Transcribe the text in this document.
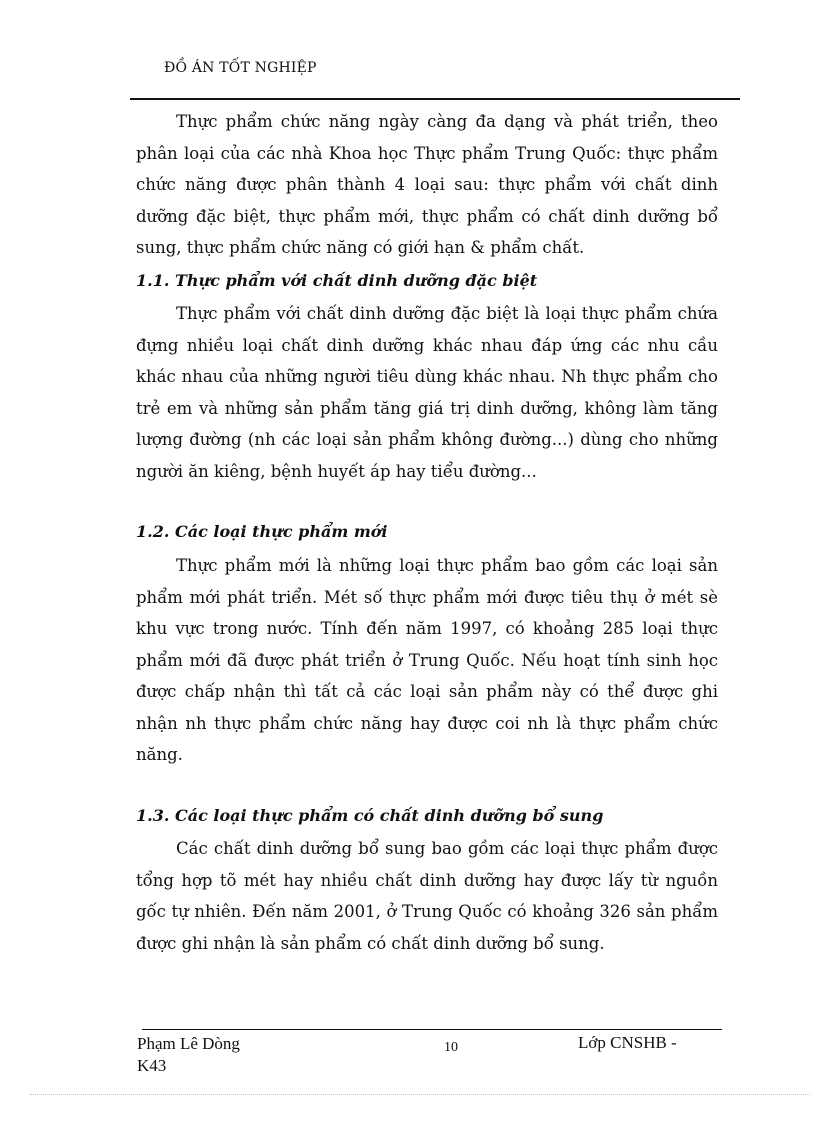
ĐỒ ÁN TỐT NGHIỆP

Thực phẩm chức năng ngày càng đa dạng và phát triển, theo phân loại của các nhà Khoa học Thực phẩm Trung Quốc: thực phẩm chức năng được phân thành 4 loại sau: thực phẩm với chất dinh dưỡng đặc biệt, thực phẩm mới, thực phẩm có chất dinh dưỡng bổ sung, thực phẩm chức năng có giới hạn & phẩm chất.

1.1. Thực phẩm với chất dinh dưỡng đặc biệt

Thực phẩm với chất dinh dưỡng đặc biệt là loại thực phẩm chứa đựng nhiều loại chất dinh dưỡng khác nhau đáp ứng các nhu cầu khác nhau của những người tiêu dùng khác nhau. Nh thực phẩm cho trẻ em và những sản phẩm tăng giá trị dinh dưỡng, không làm tăng lượng đường (nh các loại sản phẩm không đường...) dùng cho những người ăn kiêng, bệnh huyết áp hay tiểu đường...

1.2. Các loại thực phẩm mới

Thực phẩm mới là những loại thực phẩm bao gồm các loại sản phẩm mới phát triển. Mét số thực phẩm mới được tiêu thụ ở mét sè khu vực trong nước. Tính đến năm 1997, có khoảng 285 loại thực phẩm mới đã được phát triển ở Trung Quốc. Nếu hoạt tính sinh học được chấp nhận thì tất cả các loại sản phẩm này có thể được ghi nhận nh thực phẩm chức năng hay được coi nh là thực phẩm chức năng.

1.3. Các loại thực phẩm có chất dinh dưỡng bổ sung

Các chất dinh dưỡng bổ sung bao gồm các loại thực phẩm được tổng hợp tõ mét hay nhiều chất dinh dưỡng hay được lấy từ nguồn gốc tự nhiên. Đến năm 2001, ở Trung Quốc có khoảng 326 sản phẩm được ghi nhận là sản phẩm có chất dinh dưỡng bổ sung.

Phạm Lê Dòng
K43
10	Lớp CNSHB -
